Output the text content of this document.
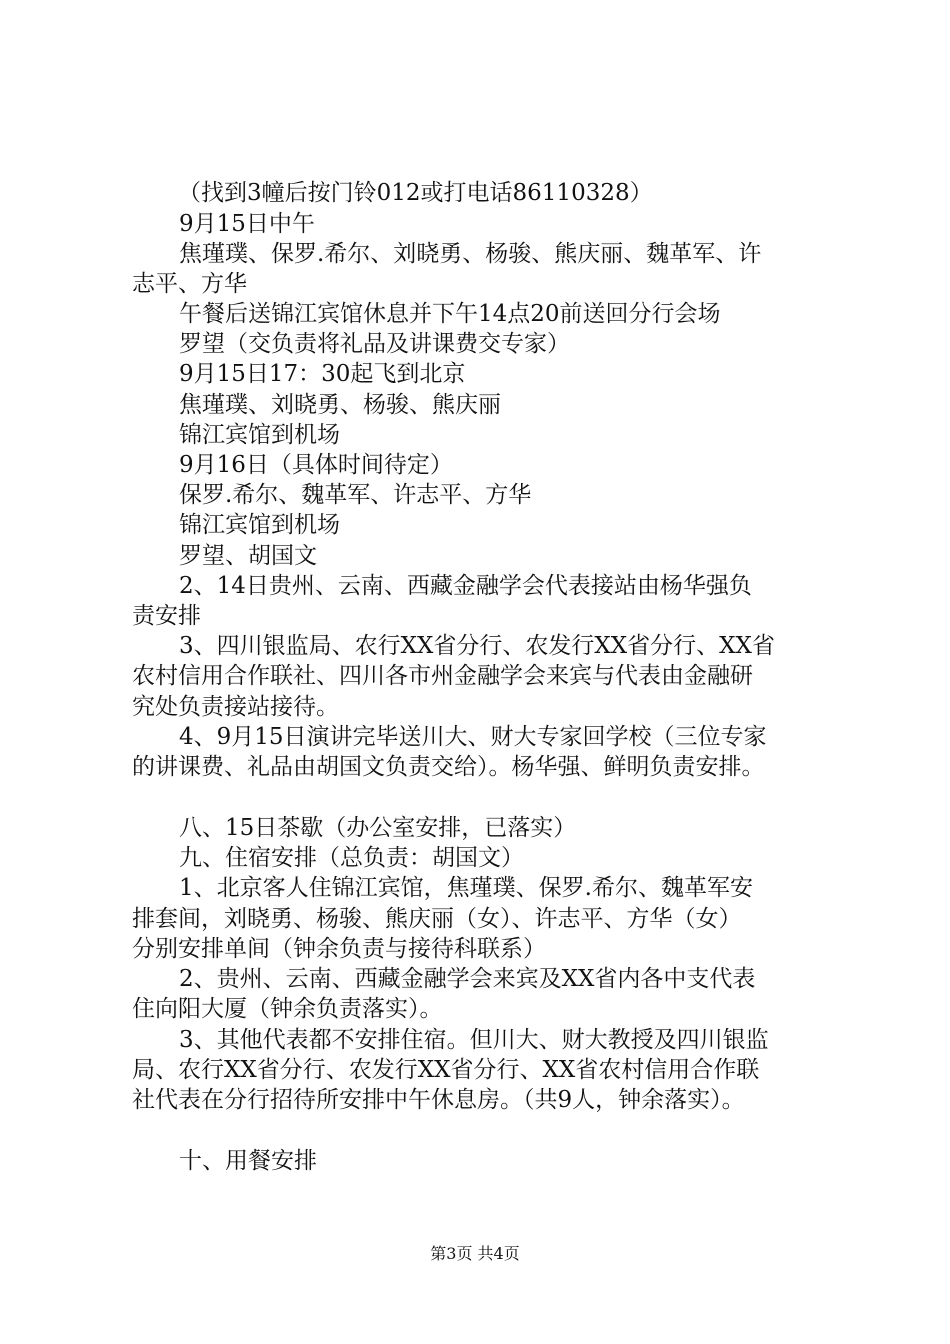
（找到3幢后按门铃012或打电话86110328）
9月15日中午
焦瑾璞、保罗.希尔、刘晓勇、杨骏、熊庆丽、魏革军、许
志平、方华
午餐后送锦江宾馆休息并下午14点20前送回分行会场
罗望（交负责将礼品及讲课费交专家）
9月15日17：30起飞到北京
焦瑾璞、刘晓勇、杨骏、熊庆丽
锦江宾馆到机场
9月16日（具体时间待定）
保罗.希尔、魏革军、许志平、方华
锦江宾馆到机场
罗望、胡国文
2、14日贵州、云南、西藏金融学会代表接站由杨华强负
责安排
3、四川银监局、农行XX省分行、农发行XX省分行、XX省
农村信用合作联社、四川各市州金融学会来宾与代表由金融研
究处负责接站接待。
4、9月15日演讲完毕送川大、财大专家回学校（三位专家
的讲课费、礼品由胡国文负责交给）。杨华强、鲜明负责安排。
八、15日茶歇（办公室安排，已落实）
九、住宿安排（总负责：胡国文）
1、北京客人住锦江宾馆，焦瑾璞、保罗.希尔、魏革军安
排套间，刘晓勇、杨骏、熊庆丽（女）、许志平、方华（女）
分别安排单间（钟余负责与接待科联系）
2、贵州、云南、西藏金融学会来宾及XX省内各中支代表
住向阳大厦（钟余负责落实）。
3、其他代表都不安排住宿。但川大、财大教授及四川银监
局、农行XX省分行、农发行XX省分行、XX省农村信用合作联
社代表在分行招待所安排中午休息房。（共9人，钟余落实）。
十、用餐安排
第3页 共4页
